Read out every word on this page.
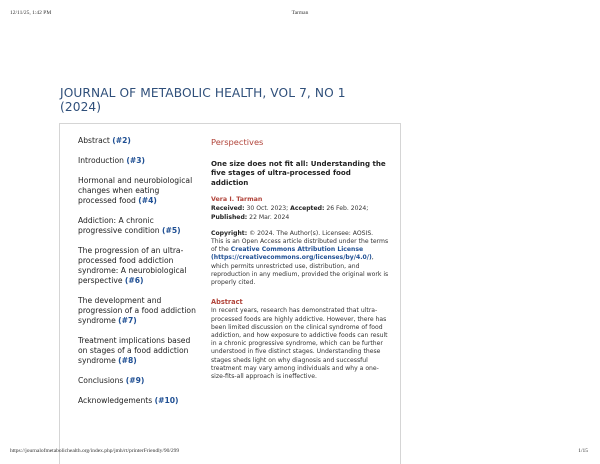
12/11/25, 1:42 PM	Tarman
JOURNAL OF METABOLIC HEALTH, VOL 7, NO 1 (2024)
Abstract (#2)
Introduction (#3)
Hormonal and neurobiological changes when eating processed food (#4)
Addiction: A chronic progressive condition (#5)
The progression of an ultra-processed food addiction syndrome: A neurobiological perspective (#6)
The development and progression of a food addiction syndrome (#7)
Treatment implications based on stages of a food addiction syndrome (#8)
Conclusions (#9)
Acknowledgements (#10)
Perspectives
One size does not fit all: Understanding the five stages of ultra-processed food addiction
Vera I. Tarman
Received: 30 Oct. 2023; Accepted: 26 Feb. 2024; Published: 22 Mar. 2024
Copyright: © 2024. The Author(s). Licensee: AOSIS.
This is an Open Access article distributed under the terms of the Creative Commons Attribution License (https://creativecommons.org/licenses/by/4.0/), which permits unrestricted use, distribution, and reproduction in any medium, provided the original work is properly cited.
Abstract
In recent years, research has demonstrated that ultra-processed foods are highly addictive. However, there has been limited discussion on the clinical syndrome of food addiction, and how exposure to addictive foods can result in a chronic progressive syndrome, which can be further understood in five distinct stages. Understanding these stages sheds light on why diagnosis and successful treatment may vary among individuals and why a one-size-fits-all approach is ineffective.
https://journalofmetabolichealth.org/index.php/jmh/rt/printerFriendly/90/299	1/15
